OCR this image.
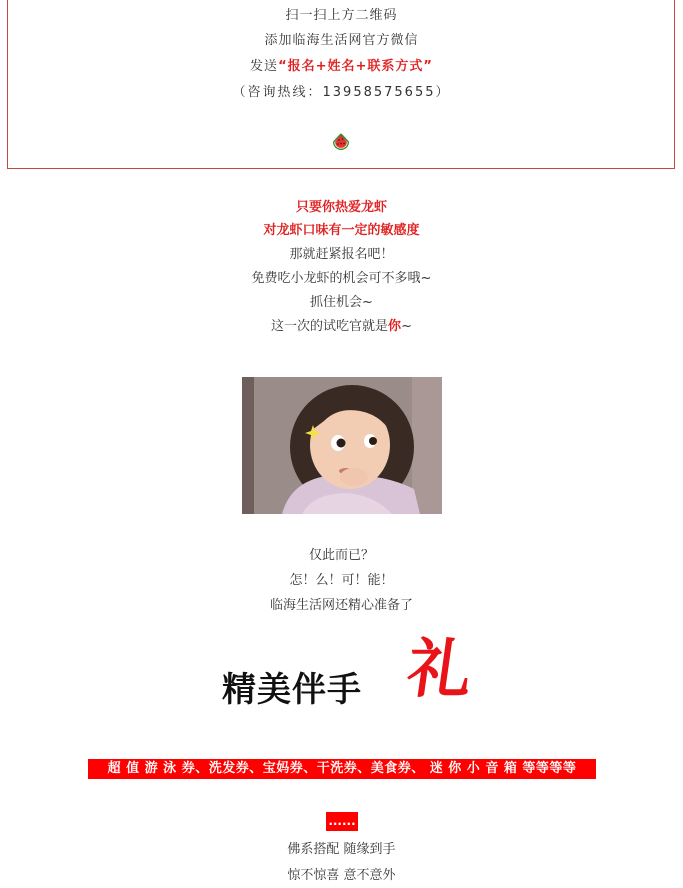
扫一扫上方二维码
添加临海生活网官方微信
发送“报名+姓名+联系方式”
（咨询热线：13958575655）
只要你热爱龙虾
对龙虾口味有一定的敏感度
那就赶紧报名吧！
免费吃小龙虾的机会可不多哦~
抓住机会~
这一次的试吃官就是你~
仅此而已？
怎！么！可！能！
临海生活网还精心准备了
精美伴手 礼
超 值 游 泳 券、洗发券、宝妈券、干洗券、美食券、 迷 你 小 音 箱 等等等等
......
佛系搭配 随缘到手
惊不惊喜 意不意外
